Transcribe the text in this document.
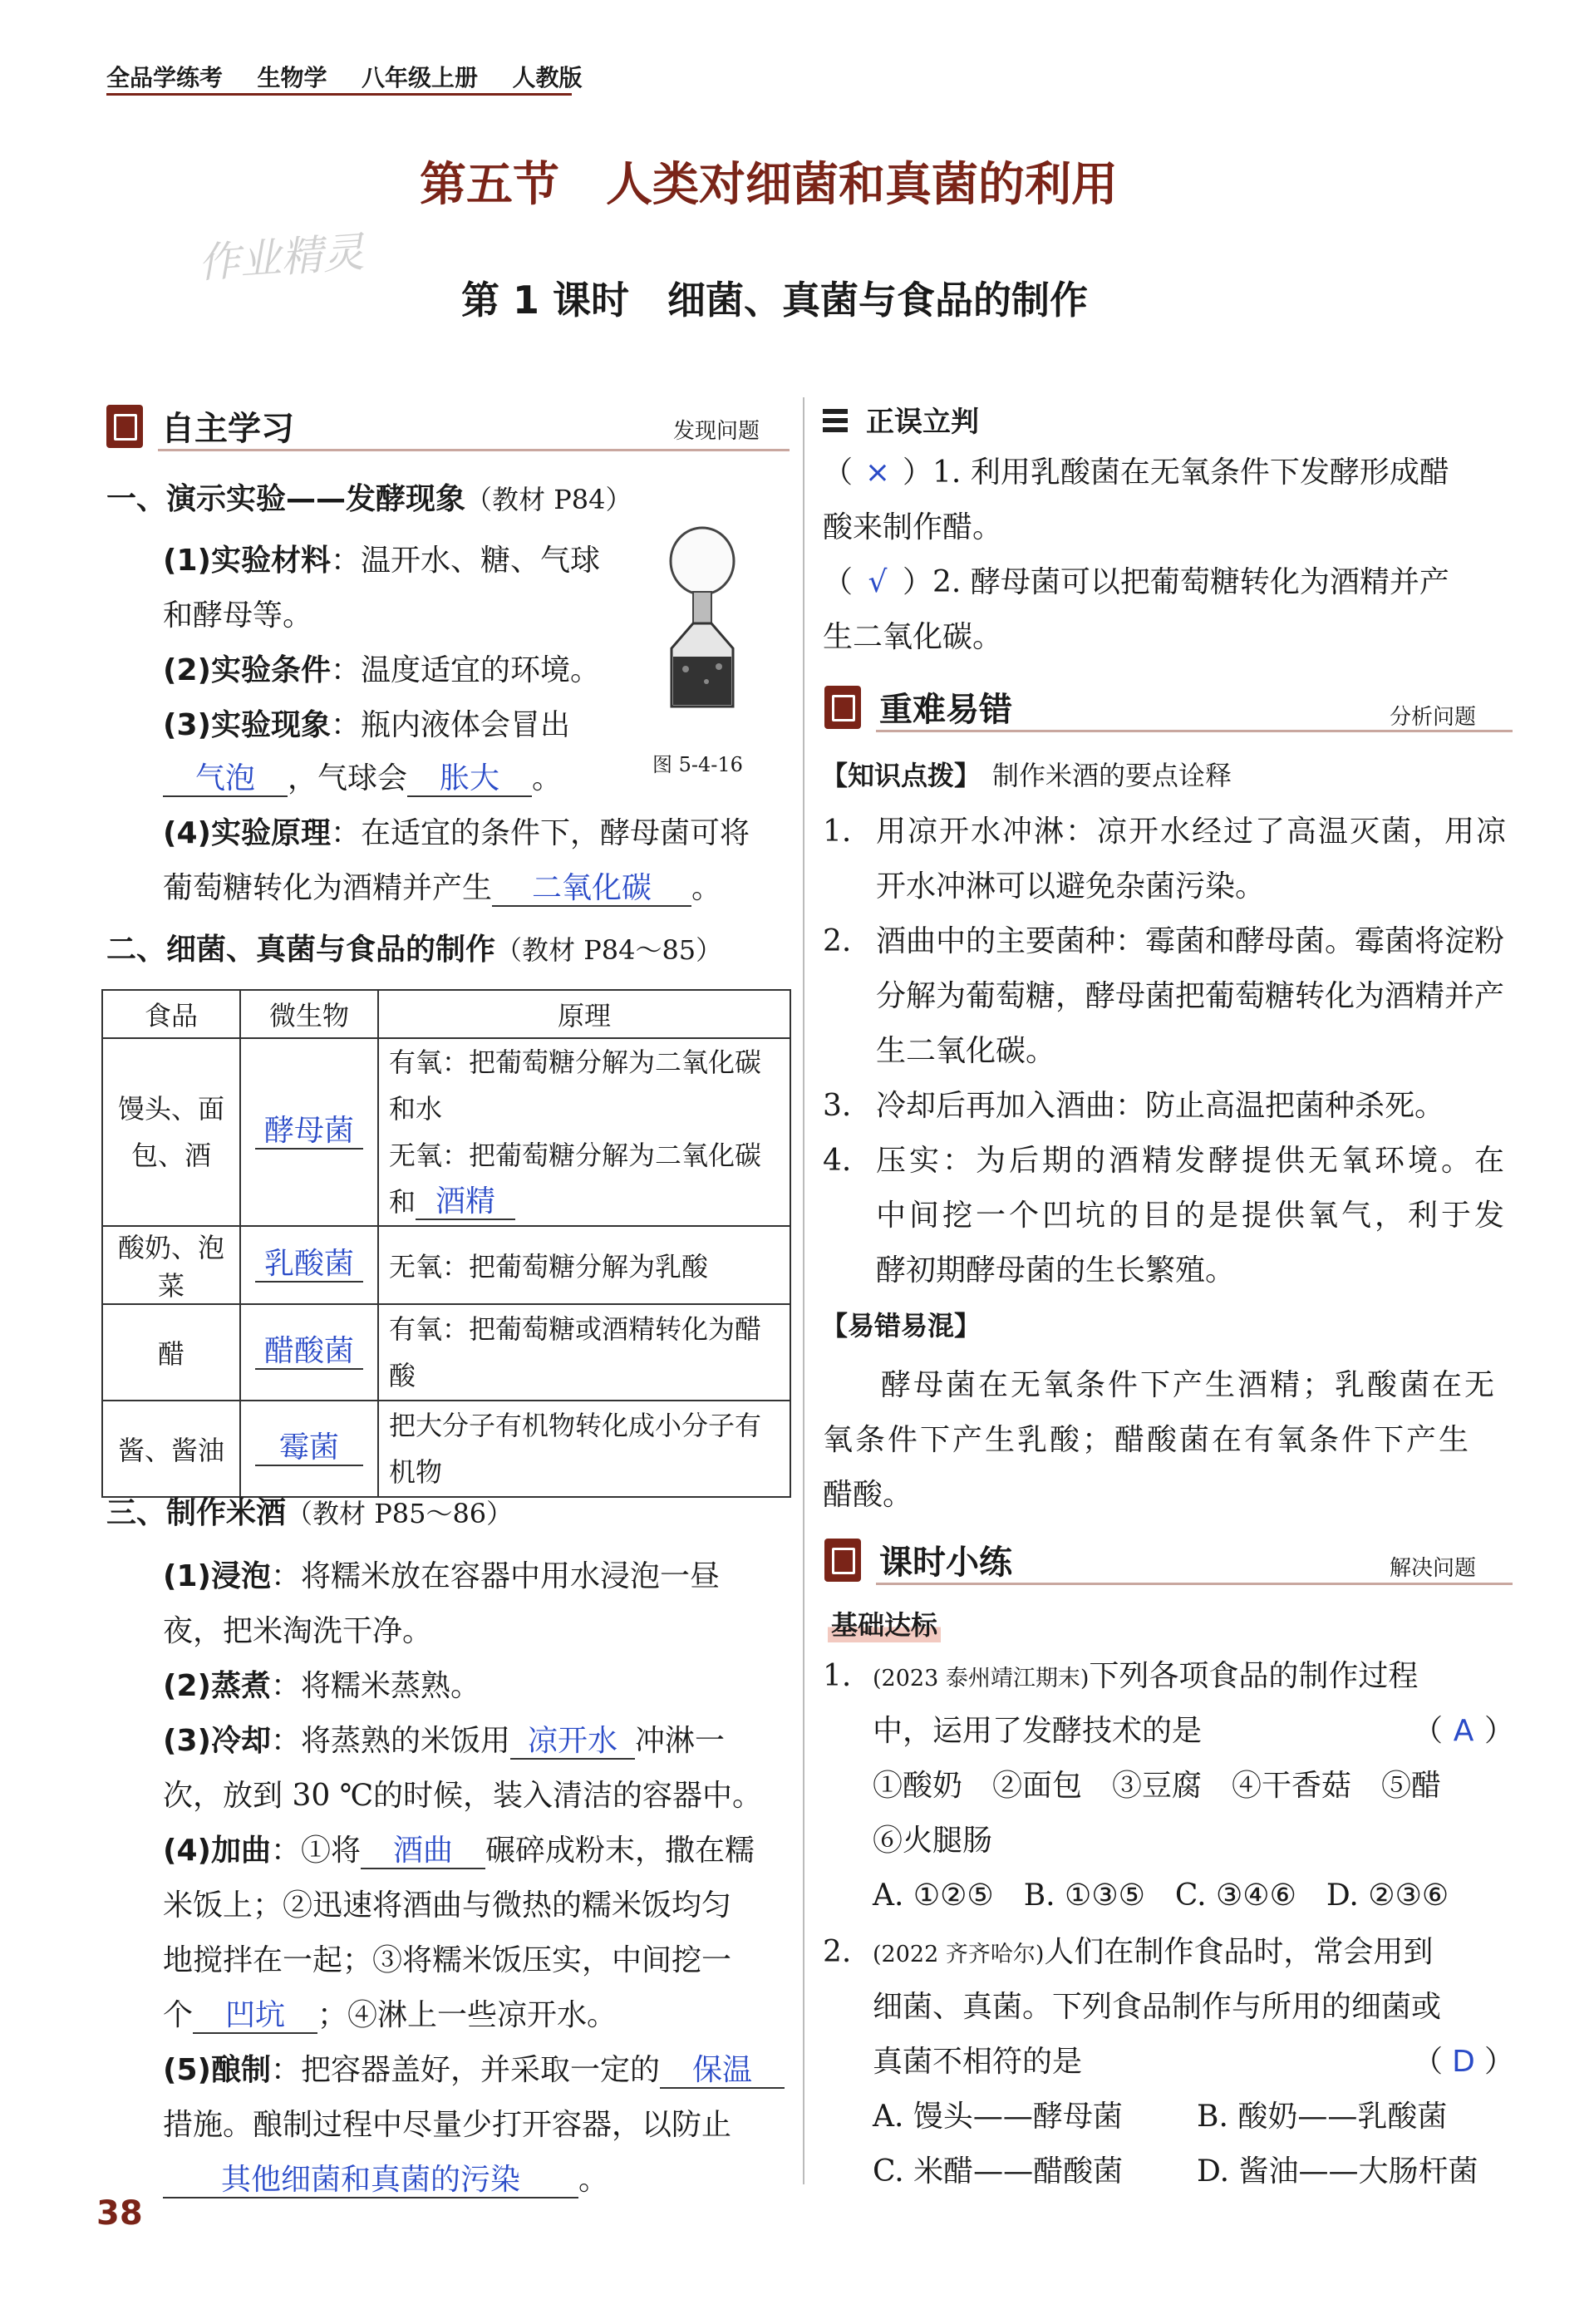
全品学练考 生物学 八年级上册 人教版
作业精灵
第五节　人类对细菌和真菌的利用
第 1 课时　细菌、真菌与食品的制作
自主学习	发现问题
一、演示实验——发酵现象（教材 P84）
(1)实验材料：温开水、糖、气球
和酵母等。
(2)实验条件：温度适宜的环境。
(3)实验现象：瓶内液体会冒出
气泡 ，气球会 胀大 。	图 5-4-16
(4)实验原理：在适宜的条件下，酵母菌可将
葡萄糖转化为酒精并产生 二氧化碳 。
二、细菌、真菌与食品的制作（教材 P84～85）
食品	微生物	原理
馒头、面包、酒	酵母菌	有氧：把葡萄糖分解为二氧化碳和水
无氧：把葡萄糖分解为二氧化碳和 酒精

酸奶、泡菜	乳酸菌	无氧：把葡萄糖分解为乳酸
醋	醋酸菌	有氧：把葡萄糖或酒精转化为醋酸
酱、酱油	霉菌	把大分子有机物转化成小分子有机物
三、制作米酒（教材 P85～86）
(1)浸泡：将糯米放在容器中用水浸泡一昼
夜，把米淘洗干净。
(2)蒸煮：将糯米蒸熟。
(3)冷却：将蒸熟的米饭用 凉开水 冲淋一
次，放到 30 ℃的时候，装入清洁的容器中。
(4)加曲：①将 酒曲 碾碎成粉末，撒在糯
米饭上；②迅速将酒曲与微热的糯米饭均匀
地搅拌在一起；③将糯米饭压实，中间挖一
个 凹坑 ；④淋上一些凉开水。
(5)酿制：把容器盖好，并采取一定的 保温
措施。酿制过程中尽量少打开容器，以防止
其他细菌和真菌的污染 。
正误立判
（ × ）1. 利用乳酸菌在无氧条件下发酵形成醋
酸来制作醋。
（ √ ）2. 酵母菌可以把葡萄糖转化为酒精并产
生二氧化碳。
重难易错	分析问题
【知识点拨】 制作米酒的要点诠释
1. 用凉开水冲淋：凉开水经过了高温灭菌，用凉
开水冲淋可以避免杂菌污染。
2. 酒曲中的主要菌种：霉菌和酵母菌。霉菌将淀粉
分解为葡萄糖，酵母菌把葡萄糖转化为酒精并产
生二氧化碳。
3. 冷却后再加入酒曲：防止高温把菌种杀死。
4. 压实：为后期的酒精发酵提供无氧环境。在
中间挖一个凹坑的目的是提供氧气，利于发
酵初期酵母菌的生长繁殖。
【易错易混】
酵母菌在无氧条件下产生酒精；乳酸菌在无
氧条件下产生乳酸；醋酸菌在有氧条件下产生
醋酸。
课时小练	解决问题
基础达标
1. (2023 泰州靖江期末)下列各项食品的制作过程
中，运用了发酵技术的是	（ A ）
①酸奶　②面包　③豆腐　④干香菇　⑤醋
⑥火腿肠
A. ①②⑤　B. ①③⑤　C. ③④⑥　D. ②③⑥
2. (2022 齐齐哈尔)人们在制作食品时，常会用到
细菌、真菌。下列食品制作与所用的细菌或
真菌不相符的是	（ D ）
A. 馒头——酵母菌 B. 酸奶——乳酸菌
C. 米醋——醋酸菌 D. 酱油——大肠杆菌
38
